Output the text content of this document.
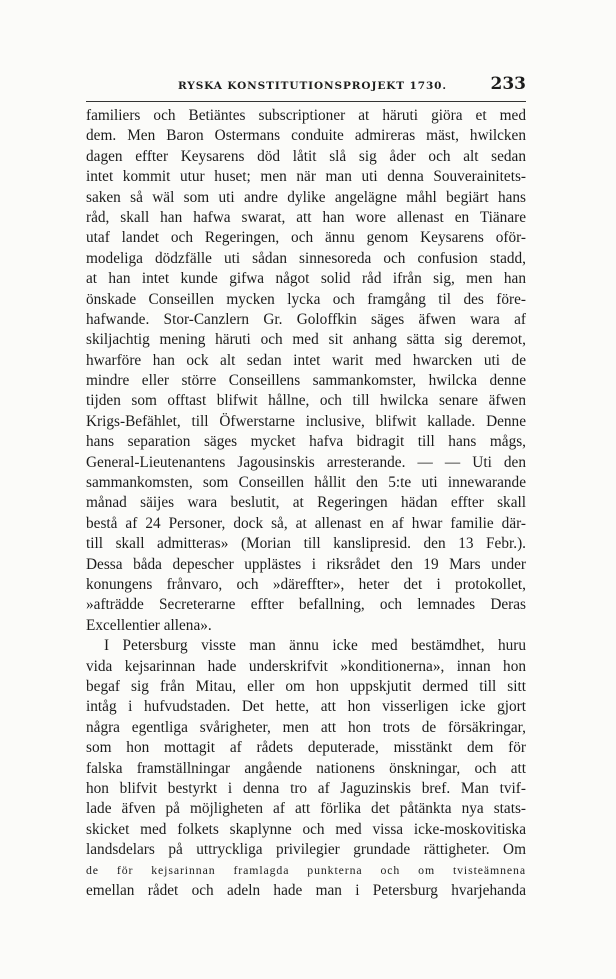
RYSKA KONSTITUTIONSPROJEKT 1730.	233
familiers och Betiäntes subscriptioner at häruti giöra et med
dem. Men Baron Ostermans conduite admireras mäst, hwilcken
dagen effter Keysarens död låtit slå sig åder och alt sedan
intet kommit utur huset; men när man uti denna Souverainitets-
saken så wäl som uti andre dylike angelägne måhl begiärt hans
råd, skall han hafwa swarat, att han wore allenast en Tiänare
utaf landet och Regeringen, och ännu genom Keysarens oför-
modeliga dödzfälle uti sådan sinnesoreda och confusion stadd,
at han intet kunde gifwa något solid råd ifrån sig, men han
önskade Conseillen mycken lycka och framgång til des före-
hafwande. Stor-Canzlern Gr. Goloffkin säges äfwen wara af
skiljachtig mening häruti och med sit anhang sätta sig deremot,
hwarföre han ock alt sedan intet warit med hwarcken uti de
mindre eller större Conseillens sammankomster, hwilcka denne
tijden som offtast blifwit hållne, och till hwilcka senare äfwen
Krigs-Befählet, till Öfwerstarne inclusive, blifwit kallade. Denne
hans separation säges mycket hafva bidragit till hans mågs,
General-Lieutenantens Jagousinskis arresterande. — — Uti den
sammankomsten, som Conseillen hållit den 5:te uti innewarande
månad säijes wara beslutit, at Regeringen hädan effter skall
bestå af 24 Personer, dock så, at allenast en af hwar familie där-
till skall admitteras» (Morian till kanslipresid. den 13 Febr.).
Dessa båda depescher upplästes i riksrådet den 19 Mars under
konungens frånvaro, och »däreffter», heter det i protokollet,
»afträdde Secreterarne effter befallning, och lemnades Deras
Excellentier allena».
I Petersburg visste man ännu icke med bestämdhet, huru
vida kejsarinnan hade underskrifvit »konditionerna», innan hon
begaf sig från Mitau, eller om hon uppskjutit dermed till sitt
intåg i hufvudstaden. Det hette, att hon visserligen icke gjort
några egentliga svårigheter, men att hon trots de försäkringar,
som hon mottagit af rådets deputerade, misstänkt dem för
falska framställningar angående nationens önskningar, och att
hon blifvit bestyrkt i denna tro af Jaguzinskis bref. Man tvif-
lade äfven på möjligheten af att förlika det påtänkta nya stats-
skicket med folkets skaplynne och med vissa icke-moskovitiska
landsdelars på uttryckliga privilegier grundade rättigheter. Om
de för kejsarinnan framlagda punkterna och om tvisteämnena
emellan rådet och adeln hade man i Petersburg hvarjehanda
